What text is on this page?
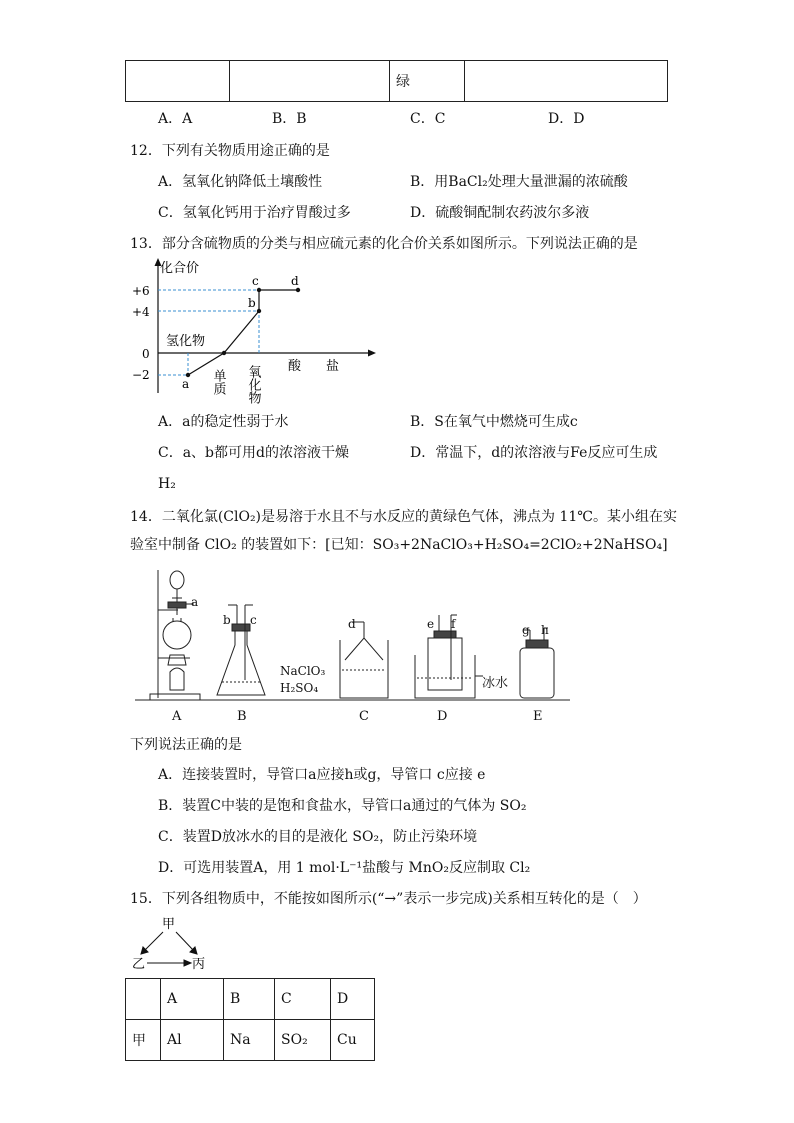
		绿	
A．A	B．B	C．C	D．D
12．下列有关物质用途正确的是
A．氢氧化钠降低土壤酸性	B．用BaCl₂处理大量泄漏的浓硫酸
C．氢氧化钙用于治疗胃酸过多	D．硫酸铜配制农药波尔多液
13．部分含硫物质的分类与相应硫元素的化合价关系如图所示。下列说法正确的是
化合价
+6
+4
0
−2
a
b
c	d
氢化物
单质 氧化物 酸 盐
A．a的稳定性弱于水	B．S在氧气中燃烧可生成c
C．a、b都可用d的浓溶液干燥	D．常温下，d的浓溶液与Fe反应可生成
H₂
14．二氧化氯(ClO₂)是易溶于水且不与水反应的黄绿色气体，沸点为 11℃。某小组在实
验室中制备 ClO₂ 的装置如下：[已知：SO₃+2NaClO₃+H₂SO₄=2ClO₂+2NaHSO₄]
A	B	C	D	E
a
b c	d	e f	g h
NaClO₃
H₂SO₄	冰水
下列说法正确的是
A．连接装置时，导管口a应接h或g，导管口 c应接 e
B．装置C中装的是饱和食盐水，导管口a通过的气体为 SO₂
C．装置D放冰水的目的是液化 SO₂，防止污染环境
D．可选用装置A，用 1 mol·L⁻¹盐酸与 MnO₂反应制取 Cl₂
15．下列各组物质中，不能按如图所示(“→”表示一步完成)关系相互转化的是（　）
甲
乙	丙
	A	B	C	D
甲	Al	Na	SO₂	Cu
